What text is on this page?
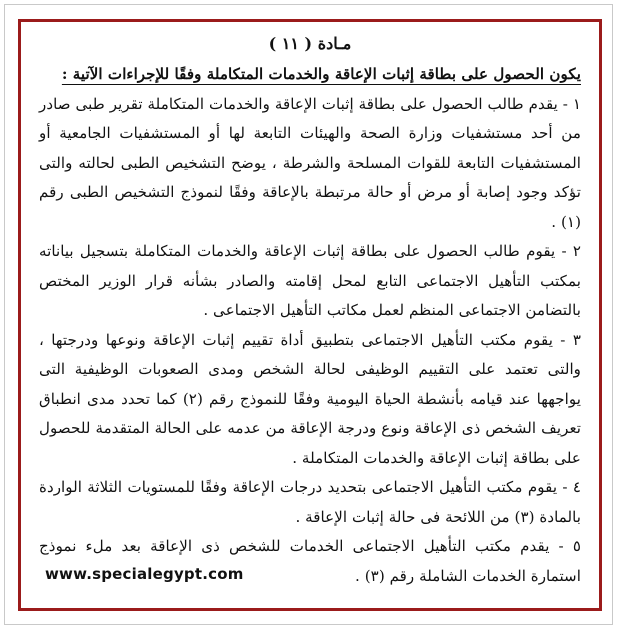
مـادة ( ١١ )

يكون الحصول على بطاقة إثبات الإعاقة والخدمات المتكاملة وفقًا للإجراءات الآتية :

١ - يقدم طالب الحصول على بطاقة إثبات الإعاقة والخدمات المتكاملة تقرير طبى صادر من أحد مستشفيات وزارة الصحة والهيئات التابعة لها أو المستشفيات الجامعية أو المستشفيات التابعة للقوات المسلحة والشرطة ، يوضح التشخيص الطبى لحالته والتى تؤكد وجود إصابة أو مرض أو حالة مرتبطة بالإعاقة وفقًا لنموذج التشخيص الطبى رقم (١) .

٢ - يقوم طالب الحصول على بطاقة إثبات الإعاقة والخدمات المتكاملة بتسجيل بياناته بمكتب التأهيل الاجتماعى التابع لمحل إقامته والصادر بشأنه قرار الوزير المختص بالتضامن الاجتماعى المنظم لعمل مكاتب التأهيل الاجتماعى .

٣ - يقوم مكتب التأهيل الاجتماعى بتطبيق أداة تقييم إثبات الإعاقة ونوعها ودرجتها ، والتى تعتمد على التقييم الوظيفى لحالة الشخص ومدى الصعوبات الوظيفية التى يواجهها عند قيامه بأنشطة الحياة اليومية وفقًا للنموذج رقم (٢) كما تحدد مدى انطباق تعريف الشخص ذى الإعاقة ونوع ودرجة الإعاقة من عدمه على الحالة المتقدمة للحصول على بطاقة إثبات الإعاقة والخدمات المتكاملة .

٤ - يقوم مكتب التأهيل الاجتماعى بتحديد درجات الإعاقة وفقًا للمستويات الثلاثة الواردة بالمادة (٣) من اللائحة فى حالة إثبات الإعاقة .

٥ - يقدم مكتب التأهيل الاجتماعى الخدمات للشخص ذى الإعاقة بعد ملء نموذج استمارة الخدمات الشاملة رقم (٣) .

www.specialegypt.com
